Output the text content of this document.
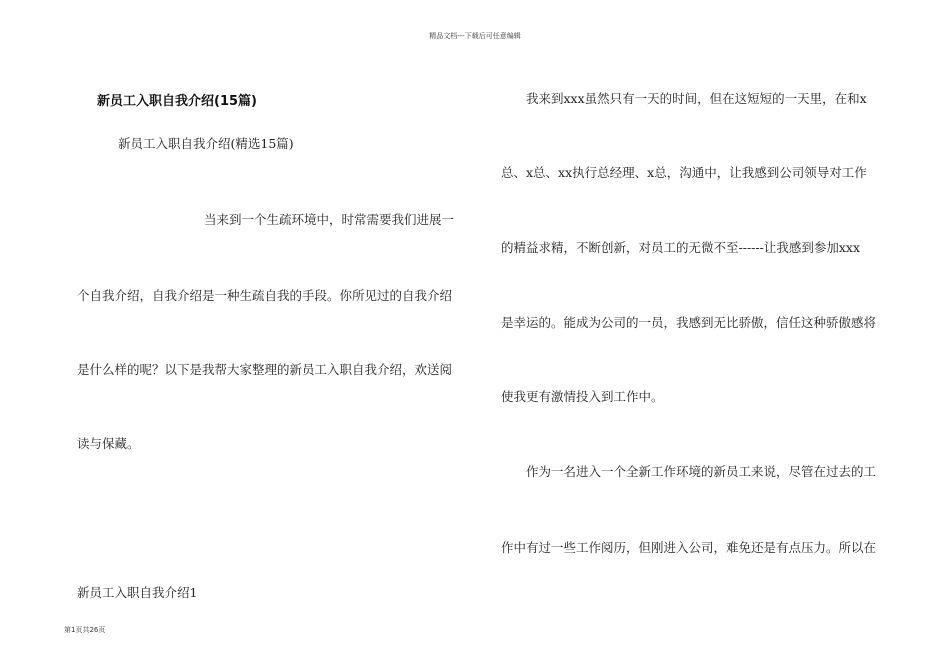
精品文档---下载后可任意编辑
新员工入职自我介绍(15篇)
新员工入职自我介绍(精选15篇)
当来到一个生疏环境中，时常需要我们进展一
个自我介绍，自我介绍是一种生疏自我的手段。你所见过的自我介绍
是什么样的呢？以下是我帮大家整理的新员工入职自我介绍，欢送阅
读与保藏。
新员工入职自我介绍1
我来到xxx虽然只有一天的时间，但在这短短的一天里，在和x
总、x总、xx执行总经理、x总，沟通中，让我感到公司领导对工作
的精益求精，不断创新，对员工的无微不至------让我感到参加xxx
是幸运的。能成为公司的一员，我感到无比骄傲，信任这种骄傲感将
使我更有激情投入到工作中。
作为一名进入一个全新工作环境的新员工来说，尽管在过去的工
作中有过一些工作阅历，但刚进入公司，难免还是有点压力。所以在
第1页共26页
